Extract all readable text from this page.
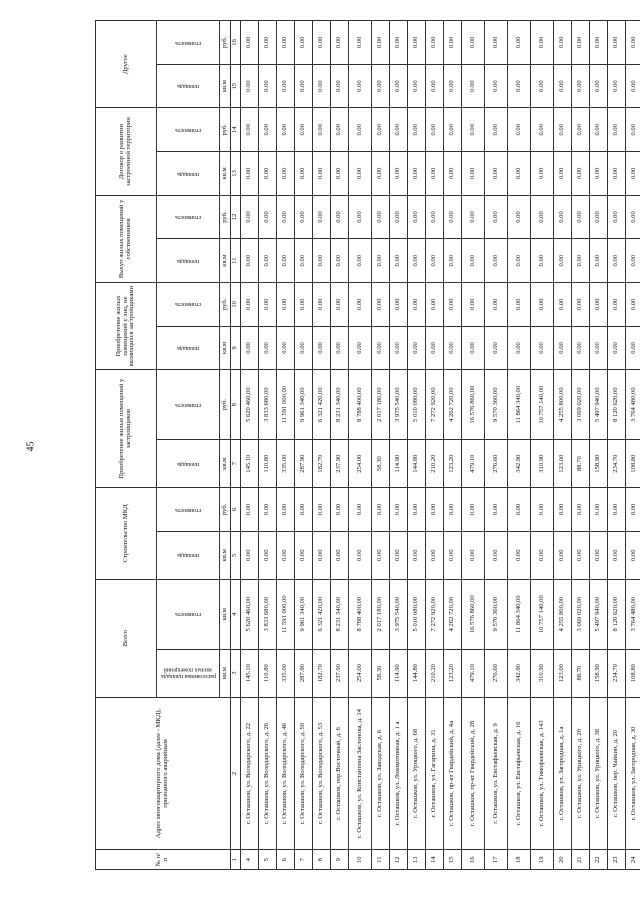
45
№ п/п	Адрес многоквартирного дома (далее - МКД), признанного аварийным	Всего		Строительство МКД		Приобретение жилых помещений у застройщиков		Приобретение жилых помещений у лиц, не являющихся застройщиками		Выкуп жилых помещений у собственников		Договор о развитии застроенной территории		Другое	

		расселяемая площадь жилых помещений	стоимость	площадь	стоимость	площадь	стоимость	площадь	стоимость	площадь	стоимость	площадь	стоимость	площадь	стоимость

		кв.м	кв.м	кв.м	руб.	кв.м	руб.	кв.м	руб.	кв.м	руб.	кв.м	руб.	кв.м	руб.
1	2	3	4	5	6	7	8	9	10	11	12	13	14	15	16
4	г. Осташков, ул. Володарского, д. 22	145.10	5 620 460,00	0.00	0.00	145.10	5 620 460,00	0.00	0.00	0.00	0.00	0.00	0.00	0.00	0.00
5	г. Осташков, ул. Володарского, д. 26	110.80	3 833 680,00	0.00	0.00	110.80	3 833 680,00	0.00	0.00	0.00	0.00	0.00	0.00	0.00	0.00
6	г. Осташков, ул. Володарского, д. 46	335.00	11 591 000,00	0.00	0.00	335.00	11 591 000,00	0.00	0.00	0.00	0.00	0.00	0.00	0.00	0.00
7	г. Осташков, ул. Володарского, д. 50	287.90	9 961 340,00	0.00	0.00	287.90	9 961 340,00	0.00	0.00	0.00	0.00	0.00	0.00	0.00	0.00
8	г. Осташков, ул. Володарского, д. 53	182.70	6 321 420,00	0.00	0.00	182.70	6 321 420,00	0.00	0.00	0.00	0.00	0.00	0.00	0.00	0.00
9	г. Осташков, пер.Восточный, д. 6	237.90	8 231 340,00	0.00	0.00	237.90	8 231 340,00	0.00	0.00	0.00	0.00	0.00	0.00	0.00	0.00
10	г. Осташков, ул. Константина Заслонова, д. 14	254.00	8 788 400,00	0.00	0.00	254.00	8 788 400,00	0.00	0.00	0.00	0.00	0.00	0.00	0.00	0.00
11	г. Осташков, ул. Заводская, д. 6	58.30	2 017 180,00	0.00	0.00	58.30	2 017 180,00	0.00	0.00	0.00	0.00	0.00	0.00	0.00	0.00
12	г. Осташков, ул. Локомотивная, д. 1 а	114.90	3 975 540,00	0.00	0.00	114.90	3 975 540,00	0.00	0.00	0.00	0.00	0.00	0.00	0.00	0.00
13	г. Осташков, ул. Урицкого, д. 68	144.80	5 010 080,00	0.00	0.00	144.80	5 010 080,00	0.00	0.00	0.00	0.00	0.00	0.00	0.00	0.00
14	г. Осташков, ул. Гагарина, д. 31	210.20	7 272 920,00	0.00	0.00	210.20	7 272 920,00	0.00	0.00	0.00	0.00	0.00	0.00	0.00	0.00
15	г. Осташков, пр-кт Гвардейский, д. 4а	123.20	4 262 720,00	0.00	0.00	123.20	4 262 720,00	0.00	0.00	0.00	0.00	0.00	0.00	0.00	0.00
16	г. Осташков, пр-кт Гвардейский, д. 28	479.10	16 576 860,00	0.00	0.00	479.10	16 576 860,00	0.00	0.00	0.00	0.00	0.00	0.00	0.00	0.00
17	г. Осташков, ул. Евстафьевская, д. 9	276.60	9 570 360,00	0.00	0.00	276.60	9 570 360,00	0.00	0.00	0.00	0.00	0.00	0.00	0.00	0.00
18	г. Осташков, ул. Евстафьевская, д. 16	342.90	11 864 340,00	0.00	0.00	342.90	11 864 340,00	0.00	0.00	0.00	0.00	0.00	0.00	0.00	0.00
19	г. Осташков, ул. Тимофеевская, д. 143	310.90	10 757 140,00	0.00	0.00	310.90	10 757 140,00	0.00	0.00	0.00	0.00	0.00	0.00	0.00	0.00
20	г. Осташков, ул. Загородная, д. 1а	123.00	4 255 800,00	0.00	0.00	123.00	4 255 800,00	0.00	0.00	0.00	0.00	0.00	0.00	0.00	0.00
21	г. Осташков, ул. Урицкого, д. 20	88.70	3 069 020,00	0.00	0.00	88.70	3 069 020,00	0.00	0.00	0.00	0.00	0.00	0.00	0.00	0.00
22	г. Осташков, ул. Урицкого, д. 38	158.90	5 497 940,00	0.00	0.00	158.90	5 497 940,00	0.00	0.00	0.00	0.00	0.00	0.00	0.00	0.00
23	г. Осташков, пер. Чайкин, д. 20	234.70	8 120 620,00	0.00	0.00	234.70	8 120 620,00	0.00	0.00	0.00	0.00	0.00	0.00	0.00	0.00
24	г. Осташков, ул. Загородная, д. 30	108.80	3 764 480,00	0.00	0.00	108.80	3 764 480,00	0.00	0.00	0.00	0.00	0.00	0.00	0.00	0.00
